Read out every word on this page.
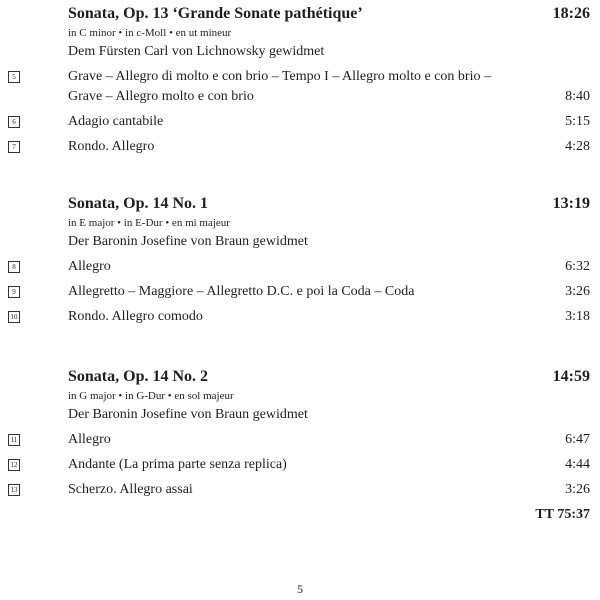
Sonata, Op. 13 ‘Grande Sonate pathétique’	18:26
in C minor • in c-Moll • en ut mineur
Dem Fürsten Carl von Lichnowsky gewidmet
5	Grave – Allegro di molto e con brio – Tempo I – Allegro molto e con brio –
Grave – Allegro molto e con brio	8:40
6	Adagio cantabile	5:15
7	Rondo. Allegro	4:28
Sonata, Op. 14 No. 1	13:19
in E major • in E-Dur • en mi majeur
Der Baronin Josefine von Braun gewidmet
8	Allegro	6:32
9	Allegretto – Maggiore – Allegretto D.C. e poi la Coda – Coda	3:26
10	Rondo. Allegro comodo	3:18
Sonata, Op. 14 No. 2	14:59
in G major • in G-Dur • en sol majeur
Der Baronin Josefine von Braun gewidmet
11	Allegro	6:47
12	Andante (La prima parte senza replica)	4:44
13	Scherzo. Allegro assai	3:26
TT 75:37
5
